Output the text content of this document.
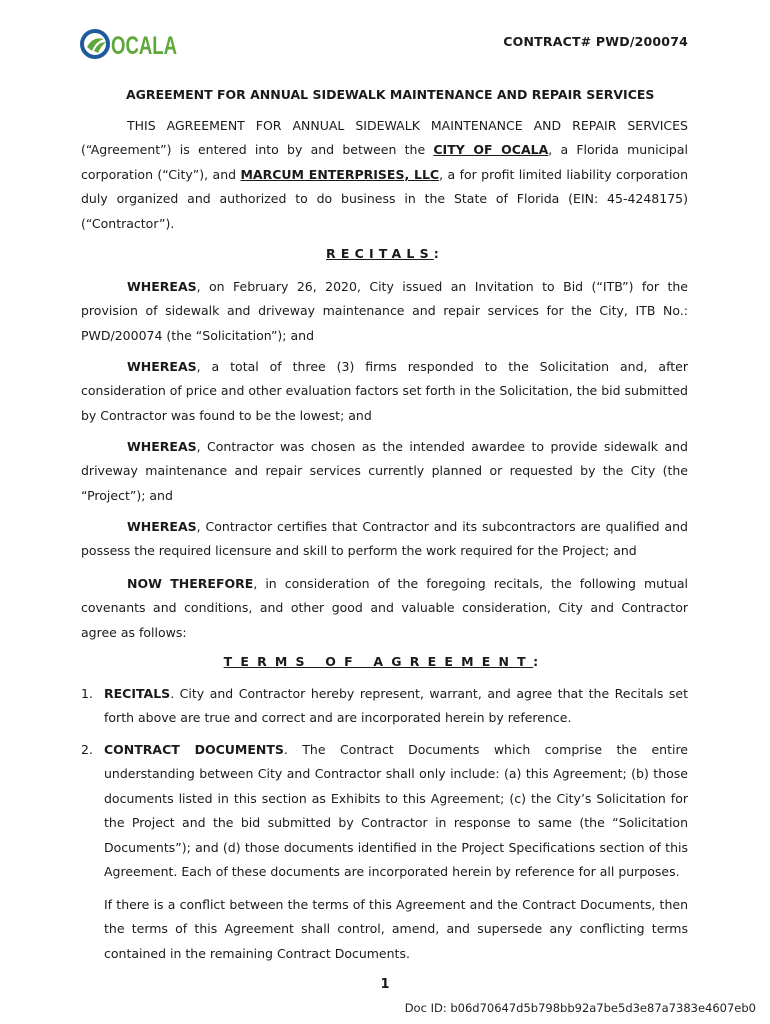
OCALA	CONTRACT# PWD/200074
AGREEMENT FOR ANNUAL SIDEWALK MAINTENANCE AND REPAIR SERVICES
THIS AGREEMENT FOR ANNUAL SIDEWALK MAINTENANCE AND REPAIR SERVICES (“Agreement”) is entered into by and between the CITY OF OCALA, a Florida municipal corporation (“City”), and MARCUM ENTERPRISES, LLC, a for profit limited liability corporation duly organized and authorized to do business in the State of Florida (EIN: 45-4248175) (“Contractor”).
RECITALS:
WHEREAS, on February 26, 2020, City issued an Invitation to Bid (“ITB”) for the provision of sidewalk and driveway maintenance and repair services for the City, ITB No.: PWD/200074 (the “Solicitation”); and
WHEREAS, a total of three (3) firms responded to the Solicitation and, after consideration of price and other evaluation factors set forth in the Solicitation, the bid submitted by Contractor was found to be the lowest; and
WHEREAS, Contractor was chosen as the intended awardee to provide sidewalk and driveway maintenance and repair services currently planned or requested by the City (the “Project”); and
WHEREAS, Contractor certifies that Contractor and its subcontractors are qualified and possess the required licensure and skill to perform the work required for the Project; and
NOW THEREFORE, in consideration of the foregoing recitals, the following mutual covenants and conditions, and other good and valuable consideration, City and Contractor agree as follows:
TERMS OF AGREEMENT:
1. RECITALS. City and Contractor hereby represent, warrant, and agree that the Recitals set forth above are true and correct and are incorporated herein by reference.
2. CONTRACT DOCUMENTS. The Contract Documents which comprise the entire understanding between City and Contractor shall only include: (a) this Agreement; (b) those documents listed in this section as Exhibits to this Agreement; (c) the City’s Solicitation for the Project and the bid submitted by Contractor in response to same (the “Solicitation Documents”); and (d) those documents identified in the Project Specifications section of this Agreement. Each of these documents are incorporated herein by reference for all purposes.
If there is a conflict between the terms of this Agreement and the Contract Documents, then the terms of this Agreement shall control, amend, and supersede any conflicting terms contained in the remaining Contract Documents.
1
Doc ID: b06d70647d5b798bb92a7be5d3e87a7383e4607eb0
